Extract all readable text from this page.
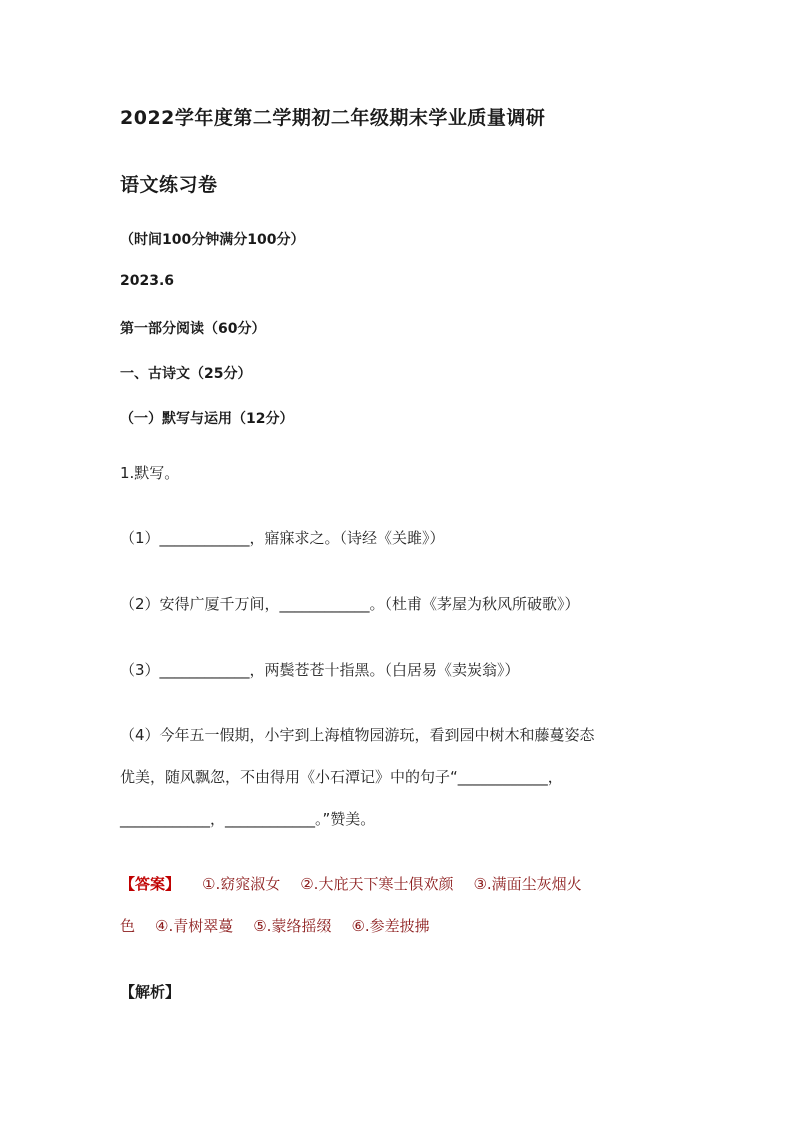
2022学年度第二学期初二年级期末学业质量调研
语文练习卷
（时间100分钟满分100分）
2023.6
第一部分阅读（60分）
一、古诗文（25分）
（一）默写与运用（12分）
1.默写。
（1）____________，寤寐求之。（诗经《关雎》）
（2）安得广厦千万间，____________。（杜甫《茅屋为秋风所破歌》）
（3）____________，两鬓苍苍十指黑。（白居易《卖炭翁》）
（4）今年五一假期，小宇到上海植物园游玩，看到园中树木和藤蔓姿态
优美，随风飘忽，不由得用《小石潭记》中的句子“____________，
____________，____________。”赞美。
【答案】 ①.窈窕淑女 ②.大庇天下寒士俱欢颜 ③.满面尘灰烟火
色 ④.青树翠蔓 ⑤.蒙络摇缀 ⑥.参差披拂
【解析】
